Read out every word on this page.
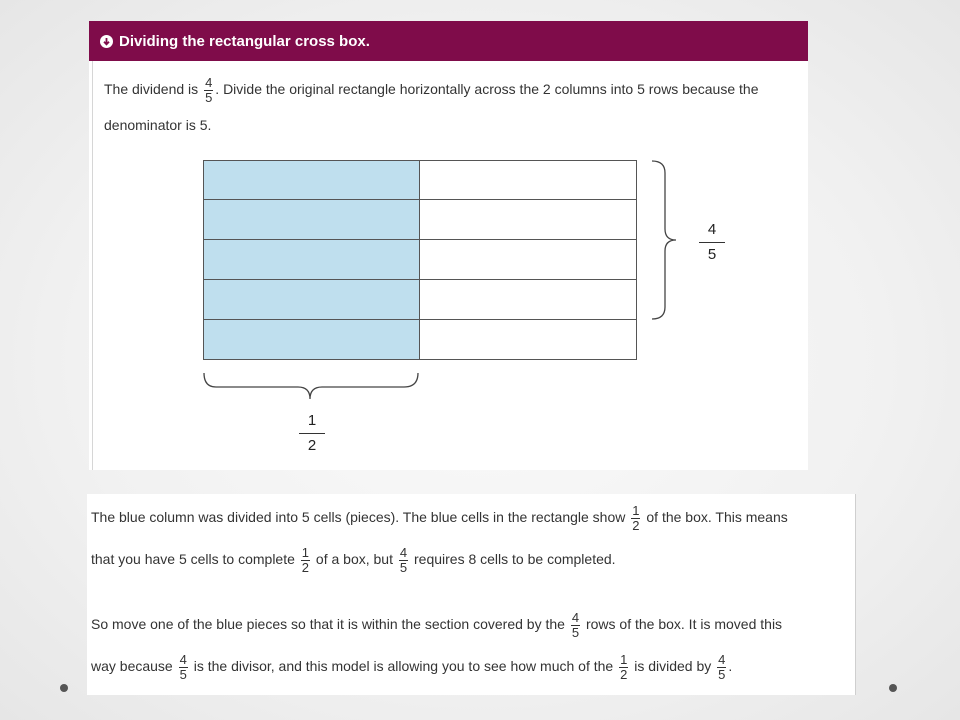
Dividing the rectangular cross box.
The dividend is $\frac{4}{5}$ . Divide the original rectangle horizontally across the 2 columns into 5 rows because the
denominator is 5.
4
5
1
2
The blue column was divided into 5 cells (pieces). The blue cells in the rectangle show $\frac{1}{2}$ of the box. This means
that you have 5 cells to complete $\frac{1}{2}$ of a box, but $\frac{4}{5}$ requires 8 cells to be completed.
So move one of the blue pieces so that it is within the section covered by the $\frac{4}{5}$ rows of the box. It is moved this
way because $\frac{4}{5}$ is the divisor, and this model is allowing you to see how much of the $\frac{1}{2}$ is divided by $\frac{4}{5}$ .
